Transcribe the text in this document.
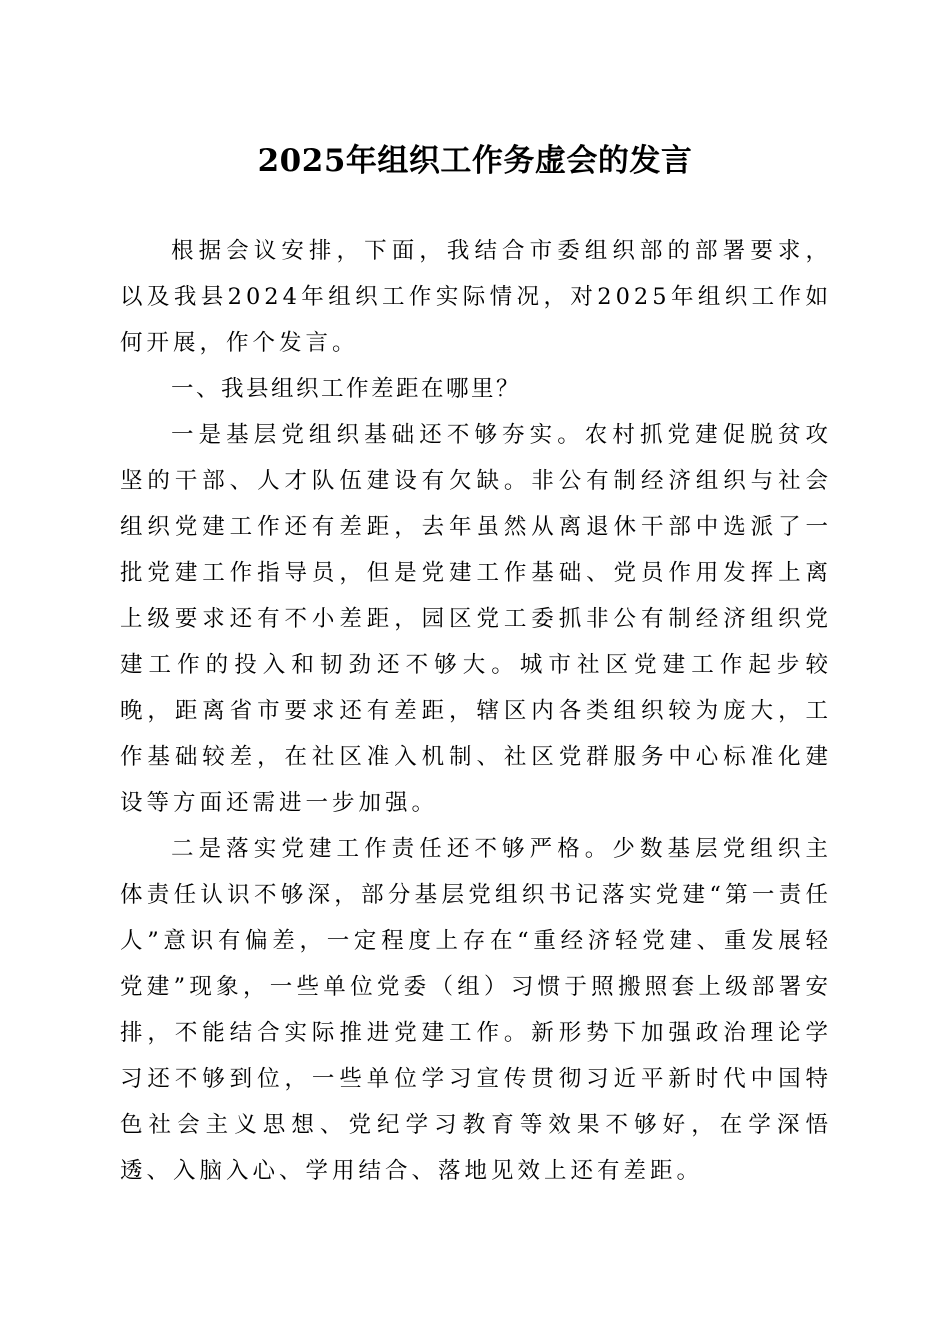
2025年组织工作务虚会的发言

根据会议安排，下面，我结合市委组织部的部署要求，以及我县2024年组织工作实际情况，对2025年组织工作如何开展，作个发言。

一、我县组织工作差距在哪里？

一是基层党组织基础还不够夯实。农村抓党建促脱贫攻坚的干部、人才队伍建设有欠缺。非公有制经济组织与社会组织党建工作还有差距，去年虽然从离退休干部中选派了一批党建工作指导员，但是党建工作基础、党员作用发挥上离上级要求还有不小差距，园区党工委抓非公有制经济组织党建工作的投入和韧劲还不够大。城市社区党建工作起步较晚，距离省市要求还有差距，辖区内各类组织较为庞大，工作基础较差，在社区准入机制、社区党群服务中心标准化建设等方面还需进一步加强。

二是落实党建工作责任还不够严格。少数基层党组织主体责任认识不够深，部分基层党组织书记落实党建“第一责任人”意识有偏差，一定程度上存在“重经济轻党建、重发展轻党建”现象，一些单位党委（组）习惯于照搬照套上级部署安排，不能结合实际推进党建工作。新形势下加强政治理论学习还不够到位，一些单位学习宣传贯彻习近平新时代中国特色社会主义思想、党纪学习教育等效果不够好，在学深悟透、入脑入心、学用结合、落地见效上还有差距。
